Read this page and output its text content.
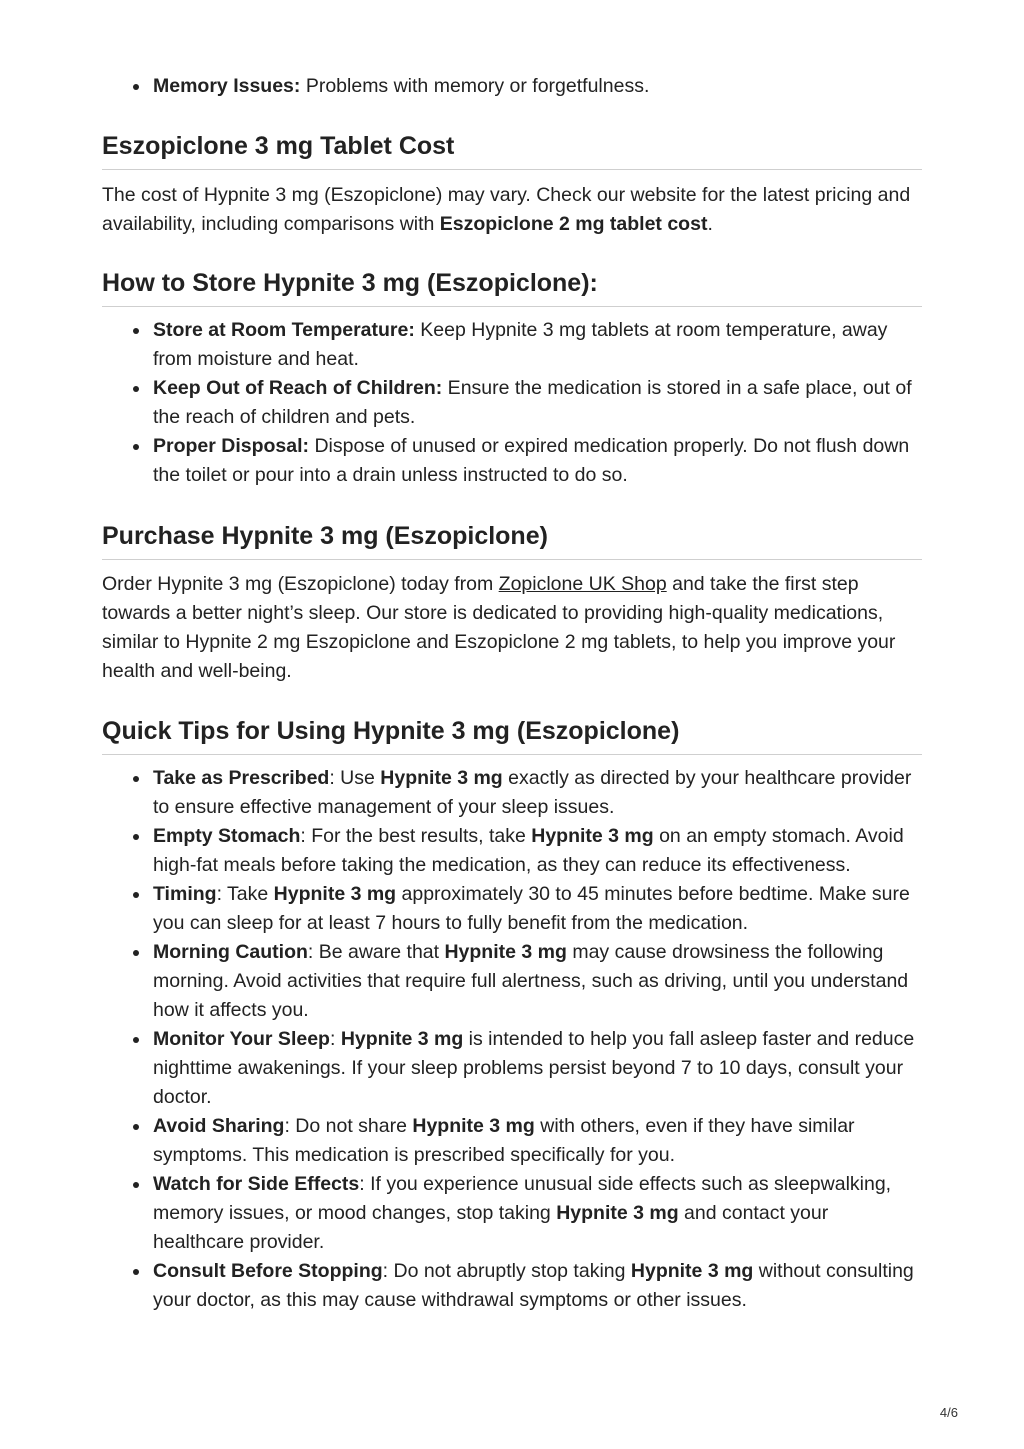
Memory Issues: Problems with memory or forgetfulness.
Eszopiclone 3 mg Tablet Cost

The cost of Hypnite 3 mg (Eszopiclone) may vary. Check our website for the latest pricing and availability, including comparisons with Eszopiclone 2 mg tablet cost.

How to Store Hypnite 3 mg (Eszopiclone):
Store at Room Temperature: Keep Hypnite 3 mg tablets at room temperature, away from moisture and heat.
Keep Out of Reach of Children: Ensure the medication is stored in a safe place, out of the reach of children and pets.
Proper Disposal: Dispose of unused or expired medication properly. Do not flush down the toilet or pour into a drain unless instructed to do so.
Purchase Hypnite 3 mg (Eszopiclone)

Order Hypnite 3 mg (Eszopiclone) today from Zopiclone UK Shop and take the first step towards a better night’s sleep. Our store is dedicated to providing high-quality medications, similar to Hypnite 2 mg Eszopiclone and Eszopiclone 2 mg tablets, to help you improve your health and well-being.

Quick Tips for Using Hypnite 3 mg (Eszopiclone)
Take as Prescribed: Use Hypnite 3 mg exactly as directed by your healthcare provider to ensure effective management of your sleep issues.
Empty Stomach: For the best results, take Hypnite 3 mg on an empty stomach. Avoid high-fat meals before taking the medication, as they can reduce its effectiveness.
Timing: Take Hypnite 3 mg approximately 30 to 45 minutes before bedtime. Make sure you can sleep for at least 7 hours to fully benefit from the medication.
Morning Caution: Be aware that Hypnite 3 mg may cause drowsiness the following morning. Avoid activities that require full alertness, such as driving, until you understand how it affects you.
Monitor Your Sleep: Hypnite 3 mg is intended to help you fall asleep faster and reduce nighttime awakenings. If your sleep problems persist beyond 7 to 10 days, consult your doctor.
Avoid Sharing: Do not share Hypnite 3 mg with others, even if they have similar symptoms. This medication is prescribed specifically for you.
Watch for Side Effects: If you experience unusual side effects such as sleepwalking, memory issues, or mood changes, stop taking Hypnite 3 mg and contact your healthcare provider.
Consult Before Stopping: Do not abruptly stop taking Hypnite 3 mg without consulting your doctor, as this may cause withdrawal symptoms or other issues.
4/6
